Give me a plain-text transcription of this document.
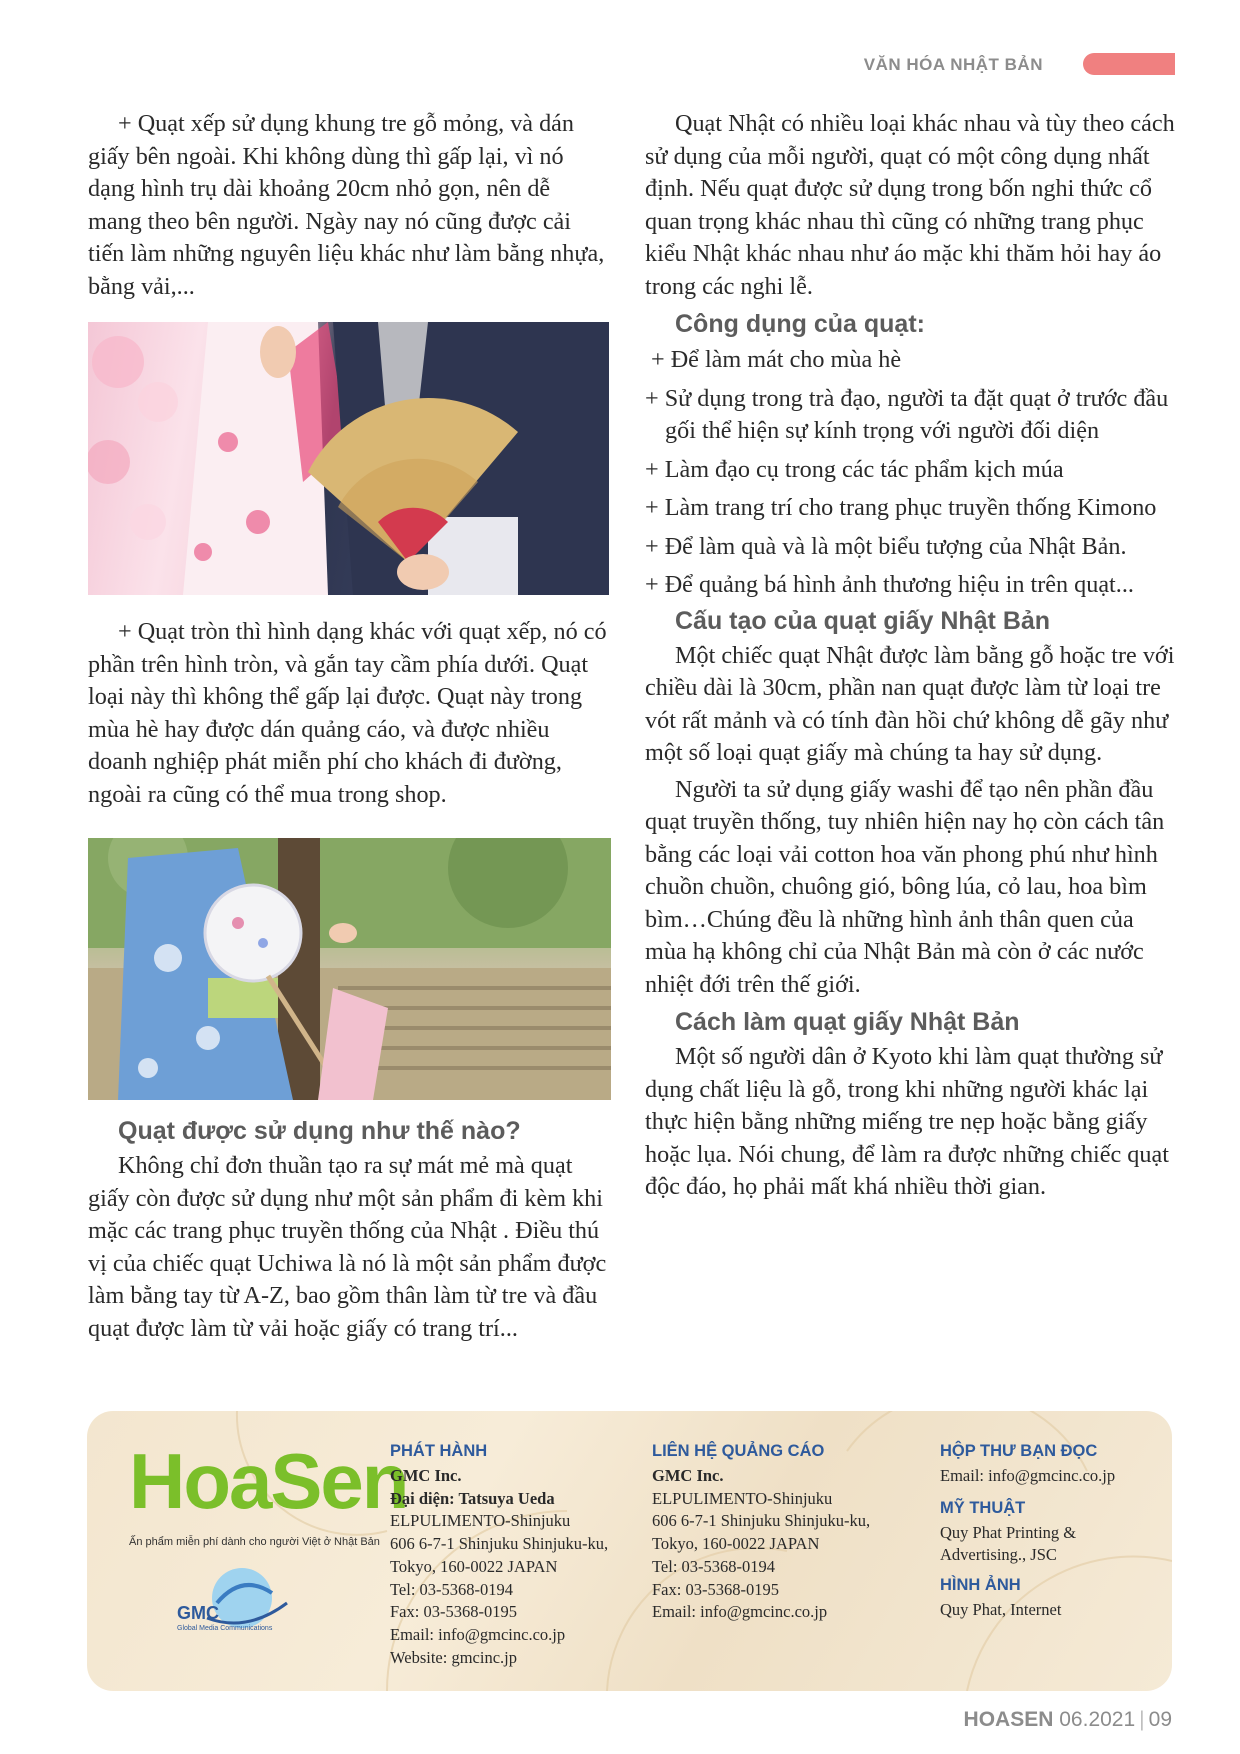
VĂN HÓA NHẬT BẢN

+ Quạt xếp sử dụng khung tre gỗ mỏng, và dán giấy bên ngoài. Khi không dùng thì gấp lại, vì nó dạng hình trụ dài khoảng 20cm nhỏ gọn, nên dễ mang theo bên người. Ngày nay nó cũng được cải tiến làm những nguyên liệu khác như làm bằng nhựa, bằng vải,...

+ Quạt tròn thì hình dạng khác với quạt xếp, nó có phần trên hình tròn, và gắn tay cầm phía dưới. Quạt loại này thì không thể gấp lại được. Quạt này trong mùa hè hay được dán quảng cáo, và được nhiều doanh nghiệp phát miễn phí cho khách đi đường, ngoài ra cũng có thể mua trong shop.

Quạt được sử dụng như thế nào?

Không chỉ đơn thuần tạo ra sự mát mẻ mà quạt giấy còn được sử dụng như một sản phẩm đi kèm khi mặc các trang phục truyền thống của Nhật . Điều thú vị của chiếc quạt Uchiwa là nó là một sản phẩm được làm bằng tay từ A-Z, bao gồm thân làm từ tre và đầu quạt được làm từ vải hoặc giấy có trang trí...

Quạt Nhật có nhiều loại khác nhau và tùy theo cách sử dụng của mỗi người, quạt có một công dụng nhất định. Nếu quạt được sử dụng trong bốn nghi thức cổ quan trọng khác nhau thì cũng có những trang phục kiểu Nhật khác nhau như áo mặc khi thăm hỏi hay áo trong các nghi lễ.

Công dụng của quạt:

+ Để làm mát cho mùa hè

+ Sử dụng trong trà đạo, người ta đặt quạt ở trước đầu gối thể hiện sự kính trọng với người đối diện

+ Làm đạo cụ trong các tác phẩm kịch múa

+ Làm trang trí cho trang phục truyền thống Kimono

+ Để làm quà và là một biểu tượng của Nhật Bản.

+ Để quảng bá hình ảnh thương hiệu in trên quạt...

Cấu tạo của quạt giấy Nhật Bản

Một chiếc quạt Nhật được làm bằng gỗ hoặc tre với chiều dài là 30cm, phần nan quạt được làm từ loại tre vót rất mảnh và có tính đàn hồi chứ không dễ gãy như một số loại quạt giấy mà chúng ta hay sử dụng.

Người ta sử dụng giấy washi để tạo nên phần đầu quạt truyền thống, tuy nhiên hiện nay họ còn cách tân bằng các loại vải cotton hoa văn phong phú như hình chuồn chuồn, chuông gió, bông lúa, cỏ lau, hoa bìm bìm…Chúng đều là những hình ảnh thân quen của mùa hạ không chỉ của Nhật Bản mà còn ở các nước nhiệt đới trên thế giới.

Cách làm quạt giấy Nhật Bản

Một số người dân ở Kyoto khi làm quạt thường sử dụng chất liệu là gỗ, trong khi những người khác lại thực hiện bằng những miếng tre nẹp hoặc bằng giấy hoặc lụa. Nói chung, để làm ra được những chiếc quạt độc đáo, họ phải mất khá nhiều thời gian.

HoaSen
Ấn phẩm miễn phí dành cho người Việt ở Nhật Bản
GMC
Global Media Communications
PHÁT HÀNH
GMC Inc.
Đại diện: Tatsuya Ueda
ELPULIMENTO-Shinjuku
606 6-7-1 Shinjuku Shinjuku-ku,
Tokyo, 160-0022 JAPAN
Tel: 03-5368-0194
Fax: 03-5368-0195
Email: info@gmcinc.co.jp
Website: gmcinc.jp
LIÊN HỆ QUẢNG CÁO
GMC Inc.
ELPULIMENTO-Shinjuku
606 6-7-1 Shinjuku Shinjuku-ku,
Tokyo, 160-0022 JAPAN
Tel: 03-5368-0194
Fax: 03-5368-0195
Email: info@gmcinc.co.jp
HỘP THƯ BẠN ĐỌC
Email: info@gmcinc.co.jp
MỸ THUẬT
Quy Phat Printing &
Advertising., JSC
HÌNH ẢNH
Quy Phat, Internet
HOASEN 06.2021 | 09
